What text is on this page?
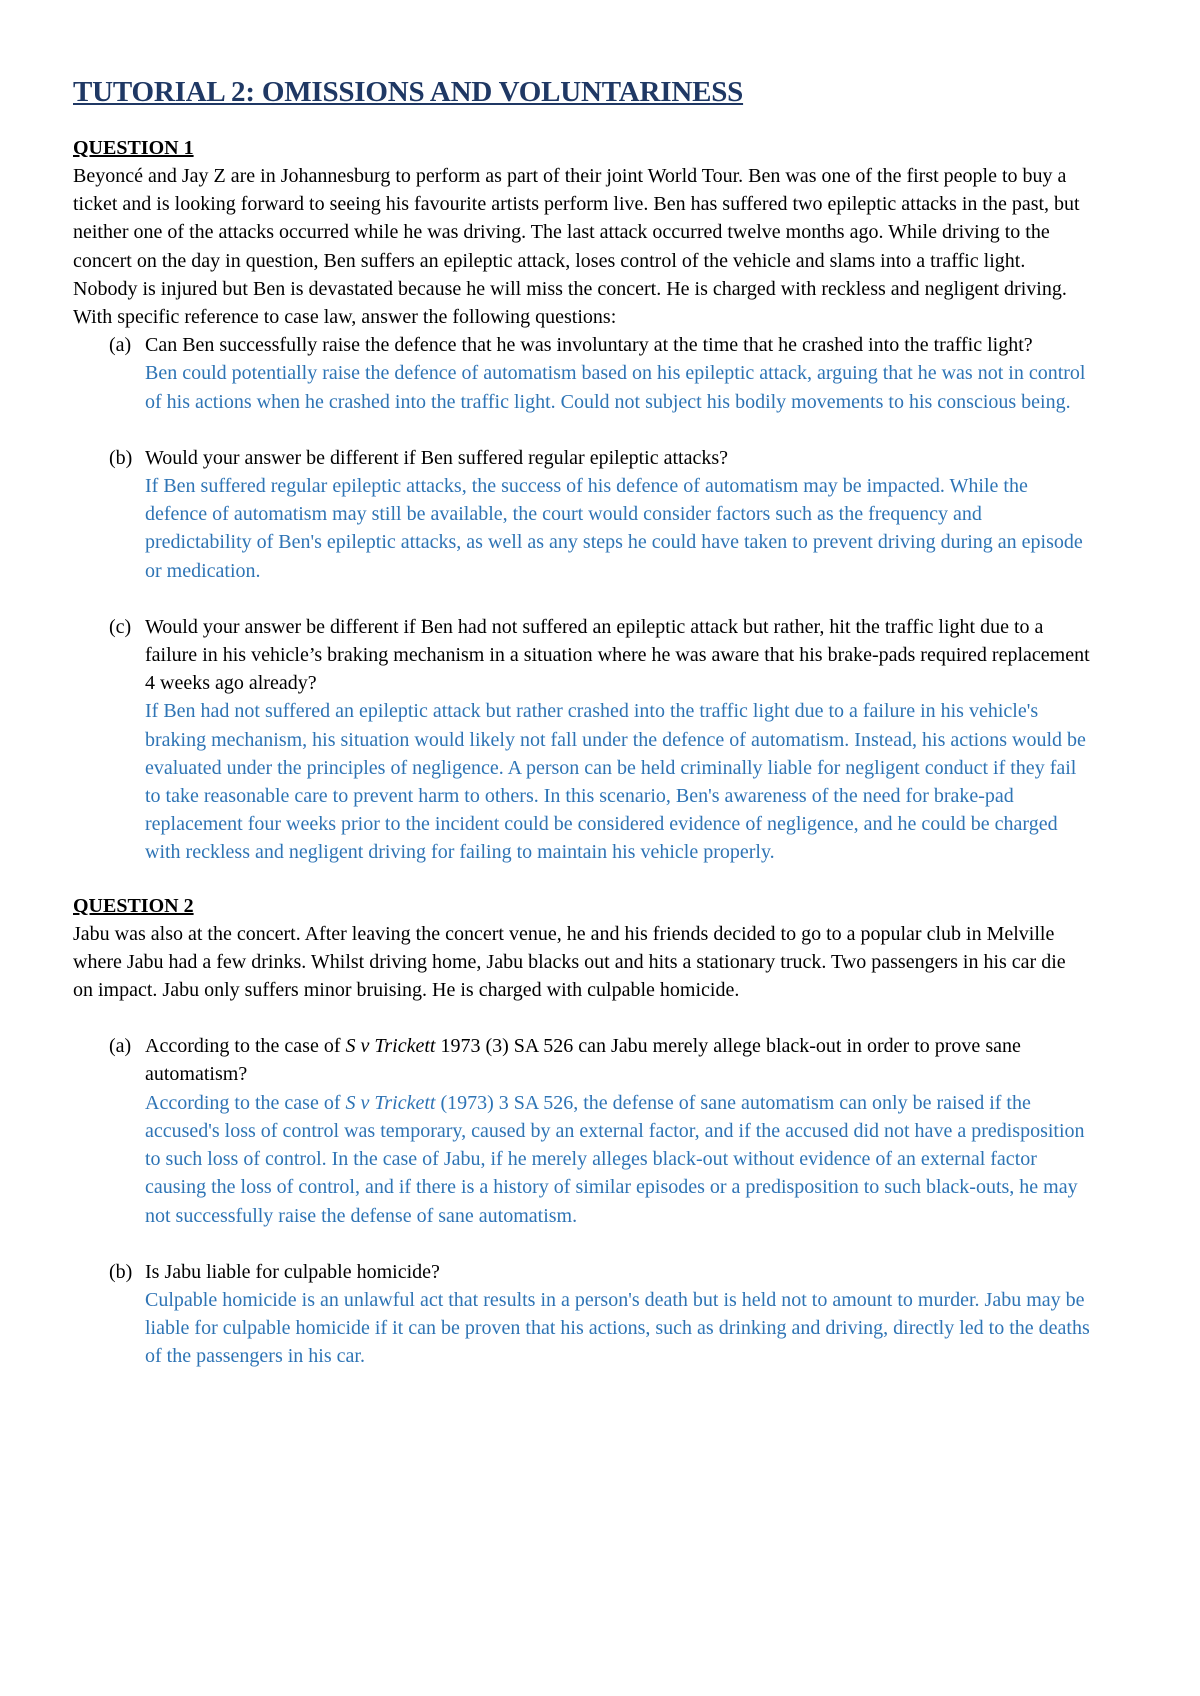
TUTORIAL 2: OMISSIONS AND VOLUNTARINESS
QUESTION 1

Beyoncé and Jay Z are in Johannesburg to perform as part of their joint World Tour. Ben was one of the first people to buy a ticket and is looking forward to seeing his favourite artists perform live. Ben has suffered two epileptic attacks in the past, but neither one of the attacks occurred while he was driving. The last attack occurred twelve months ago. While driving to the concert on the day in question, Ben suffers an epileptic attack, loses control of the vehicle and slams into a traffic light. Nobody is injured but Ben is devastated because he will miss the concert. He is charged with reckless and negligent driving.

With specific reference to case law, answer the following questions:

(a) Can Ben successfully raise the defence that he was involuntary at the time that he crashed into the traffic light?
Ben could potentially raise the defence of automatism based on his epileptic attack, arguing that he was not in control of his actions when he crashed into the traffic light. Could not subject his bodily movements to his conscious being.
(b) Would your answer be different if Ben suffered regular epileptic attacks?
If Ben suffered regular epileptic attacks, the success of his defence of automatism may be impacted. While the defence of automatism may still be available, the court would consider factors such as the frequency and predictability of Ben's epileptic attacks, as well as any steps he could have taken to prevent driving during an episode or medication.
(c) Would your answer be different if Ben had not suffered an epileptic attack but rather, hit the traffic light due to a failure in his vehicle’s braking mechanism in a situation where he was aware that his brake-pads required replacement 4 weeks ago already?
If Ben had not suffered an epileptic attack but rather crashed into the traffic light due to a failure in his vehicle's braking mechanism, his situation would likely not fall under the defence of automatism. Instead, his actions would be evaluated under the principles of negligence. A person can be held criminally liable for negligent conduct if they fail to take reasonable care to prevent harm to others. In this scenario, Ben's awareness of the need for brake-pad replacement four weeks prior to the incident could be considered evidence of negligence, and he could be charged with reckless and negligent driving for failing to maintain his vehicle properly.
QUESTION 2

Jabu was also at the concert. After leaving the concert venue, he and his friends decided to go to a popular club in Melville where Jabu had a few drinks. Whilst driving home, Jabu blacks out and hits a stationary truck. Two passengers in his car die on impact. Jabu only suffers minor bruising. He is charged with culpable homicide.

(a) According to the case of S v Trickett 1973 (3) SA 526 can Jabu merely allege black-out in order to prove sane automatism?
According to the case of S v Trickett (1973) 3 SA 526, the defense of sane automatism can only be raised if the accused's loss of control was temporary, caused by an external factor, and if the accused did not have a predisposition to such loss of control. In the case of Jabu, if he merely alleges black-out without evidence of an external factor causing the loss of control, and if there is a history of similar episodes or a predisposition to such black-outs, he may not successfully raise the defense of sane automatism.
(b) Is Jabu liable for culpable homicide?
Culpable homicide is an unlawful act that results in a person's death but is held not to amount to murder. Jabu may be liable for culpable homicide if it can be proven that his actions, such as drinking and driving, directly led to the deaths of the passengers in his car.
